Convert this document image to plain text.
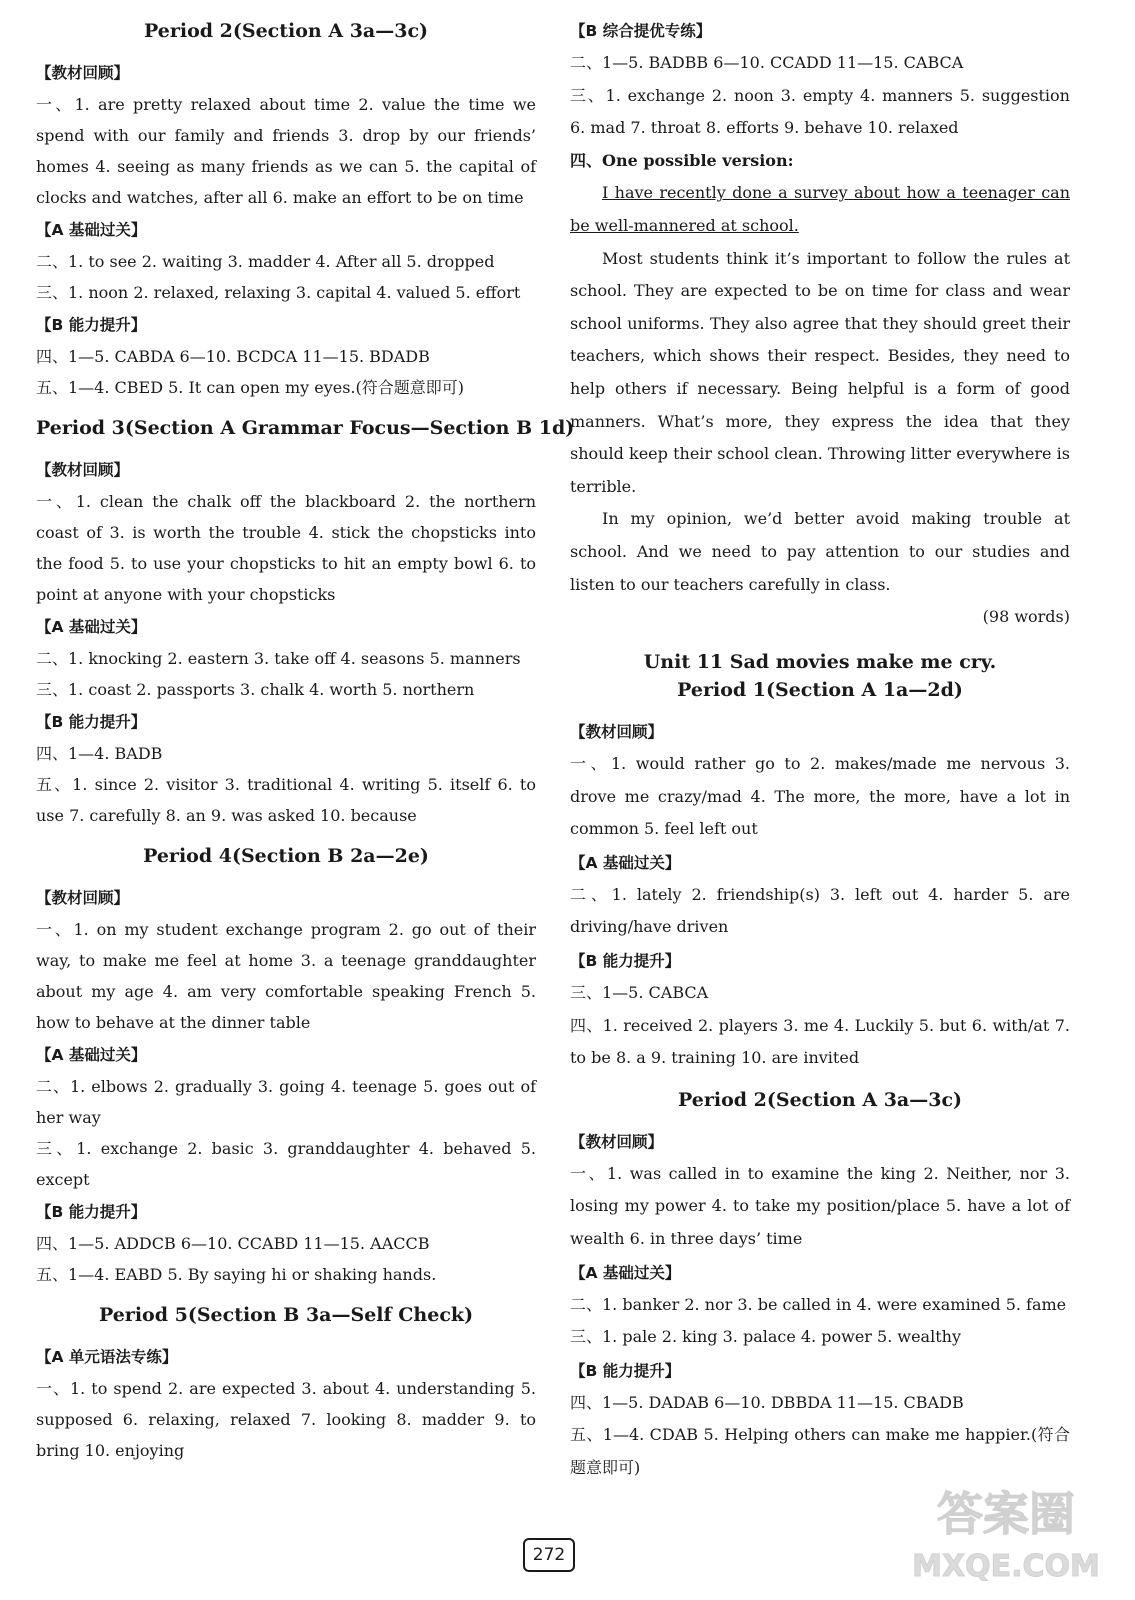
Period 2(Section A 3a—3c)
【教材回顾】
一、1. are pretty relaxed about time 2. value the time we spend with our family and friends 3. drop by our friends’ homes 4. seeing as many friends as we can 5. the capital of clocks and watches, after all 6. make an effort to be on time
【A 基础过关】
二、1. to see 2. waiting 3. madder 4. After all 5. dropped
三、1. noon 2. relaxed, relaxing 3. capital 4. valued 5. effort
【B 能力提升】
四、1—5. CABDA 6—10. BCDCA 11—15. BDADB
五、1—4. CBED 5. It can open my eyes.(符合题意即可)
Period 3(Section A Grammar Focus—Section B 1d)
【教材回顾】
一、1. clean the chalk off the blackboard 2. the northern coast of 3. is worth the trouble 4. stick the chopsticks into the food 5. to use your chopsticks to hit an empty bowl 6. to point at anyone with your chopsticks
【A 基础过关】
二、1. knocking 2. eastern 3. take off 4. seasons 5. manners
三、1. coast 2. passports 3. chalk 4. worth 5. northern
【B 能力提升】
四、1—4. BADB
五、1. since 2. visitor 3. traditional 4. writing 5. itself 6. to use 7. carefully 8. an 9. was asked 10. because
Period 4(Section B 2a—2e)
【教材回顾】
一、1. on my student exchange program 2. go out of their way, to make me feel at home 3. a teenage granddaughter about my age 4. am very comfortable speaking French 5. how to behave at the dinner table
【A 基础过关】
二、1. elbows 2. gradually 3. going 4. teenage 5. goes out of her way
三、1. exchange 2. basic 3. granddaughter 4. behaved 5. except
【B 能力提升】
四、1—5. ADDCB 6—10. CCABD 11—15. AACCB
五、1—4. EABD 5. By saying hi or shaking hands.
Period 5(Section B 3a—Self Check)
【A 单元语法专练】
一、1. to spend 2. are expected 3. about 4. understanding 5. supposed 6. relaxing, relaxed 7. looking 8. madder 9. to bring 10. enjoying
【B 综合提优专练】
二、1—5. BADBB 6—10. CCADD 11—15. CABCA
三、1. exchange 2. noon 3. empty 4. manners 5. suggestion 6. mad 7. throat 8. efforts 9. behave 10. relaxed
四、One possible version:
I have recently done a survey about how a teenager can be well-mannered at school.
Most students think it’s important to follow the rules at school. They are expected to be on time for class and wear school uniforms. They also agree that they should greet their teachers, which shows their respect. Besides, they need to help others if necessary. Being helpful is a form of good manners. What’s more, they express the idea that they should keep their school clean. Throwing litter everywhere is terrible.
In my opinion, we’d better avoid making trouble at school. And we need to pay attention to our studies and listen to our teachers carefully in class.
(98 words)
Unit 11 Sad movies make me cry.
Period 1(Section A 1a—2d)
【教材回顾】
一、1. would rather go to 2. makes/made me nervous 3. drove me crazy/mad 4. The more, the more, have a lot in common 5. feel left out
【A 基础过关】
二、1. lately 2. friendship(s) 3. left out 4. harder 5. are driving/have driven
【B 能力提升】
三、1—5. CABCA
四、1. received 2. players 3. me 4. Luckily 5. but 6. with/at 7. to be 8. a 9. training 10. are invited
Period 2(Section A 3a—3c)
【教材回顾】
一、1. was called in to examine the king 2. Neither, nor 3. losing my power 4. to take my position/place 5. have a lot of wealth 6. in three days’ time
【A 基础过关】
二、1. banker 2. nor 3. be called in 4. were examined 5. fame
三、1. pale 2. king 3. palace 4. power 5. wealthy
【B 能力提升】
四、1—5. DADAB 6—10. DBBDA 11—15. CBADB
五、1—4. CDAB 5. Helping others can make me happier.(符合题意即可)
272
答案圈
MXQE.COM
